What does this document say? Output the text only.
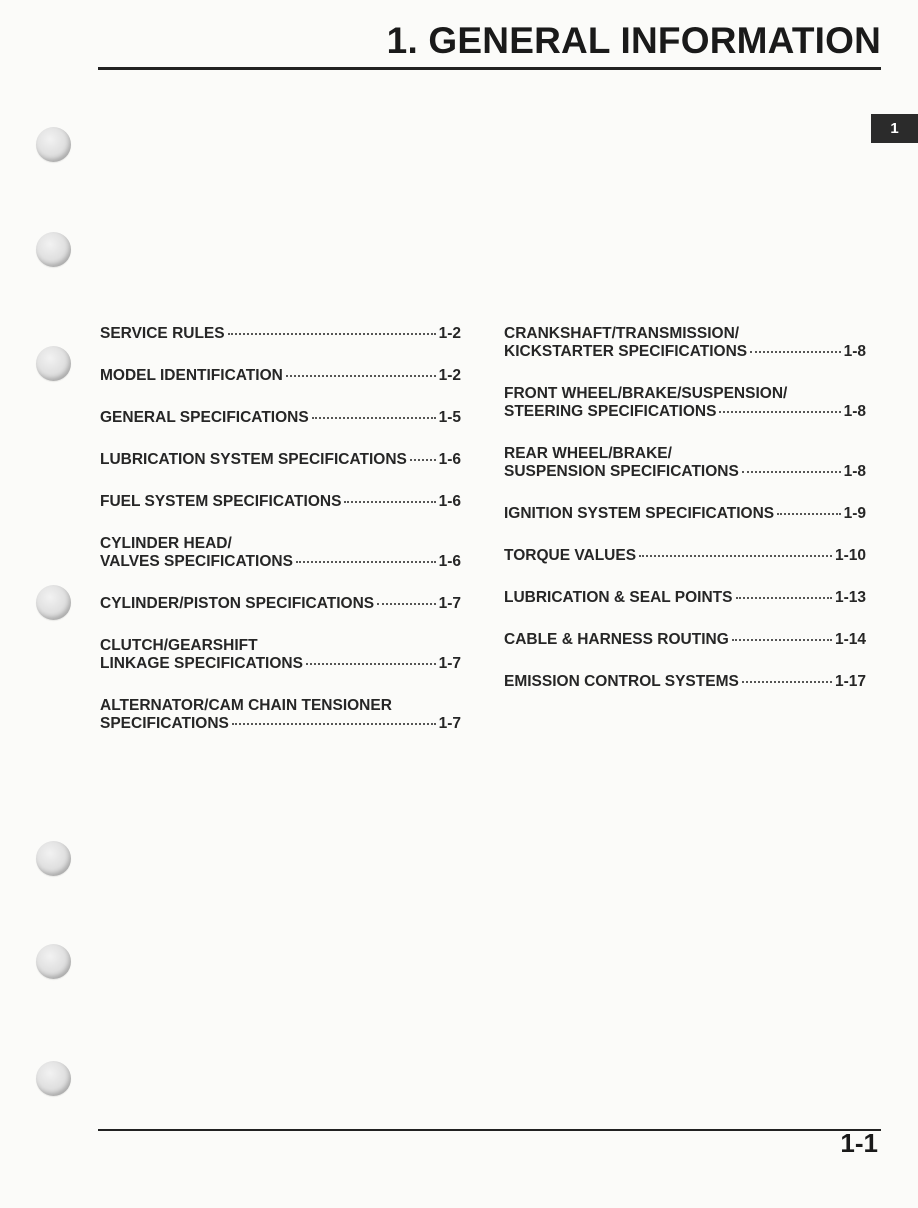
1. GENERAL INFORMATION
1
SERVICE RULES	1-2
MODEL IDENTIFICATION	1-2
GENERAL SPECIFICATIONS	1-5
LUBRICATION SYSTEM SPECIFICATIONS 1-6
FUEL SYSTEM SPECIFICATIONS	1-6
CYLINDER HEAD/
VALVES SPECIFICATIONS	1-6
CYLINDER/PISTON SPECIFICATIONS	1-7
CLUTCH/GEARSHIFT
LINKAGE SPECIFICATIONS	1-7
ALTERNATOR/CAM CHAIN TENSIONER
SPECIFICATIONS	1-7
CRANKSHAFT/TRANSMISSION/
KICKSTARTER SPECIFICATIONS	1-8
FRONT WHEEL/BRAKE/SUSPENSION/
STEERING SPECIFICATIONS	1-8
REAR WHEEL/BRAKE/
SUSPENSION SPECIFICATIONS	1-8
IGNITION SYSTEM SPECIFICATIONS	1-9
TORQUE VALUES	1-10
LUBRICATION & SEAL POINTS	1-13
CABLE & HARNESS ROUTING	1-14
EMISSION CONTROL SYSTEMS	1-17
1-1
